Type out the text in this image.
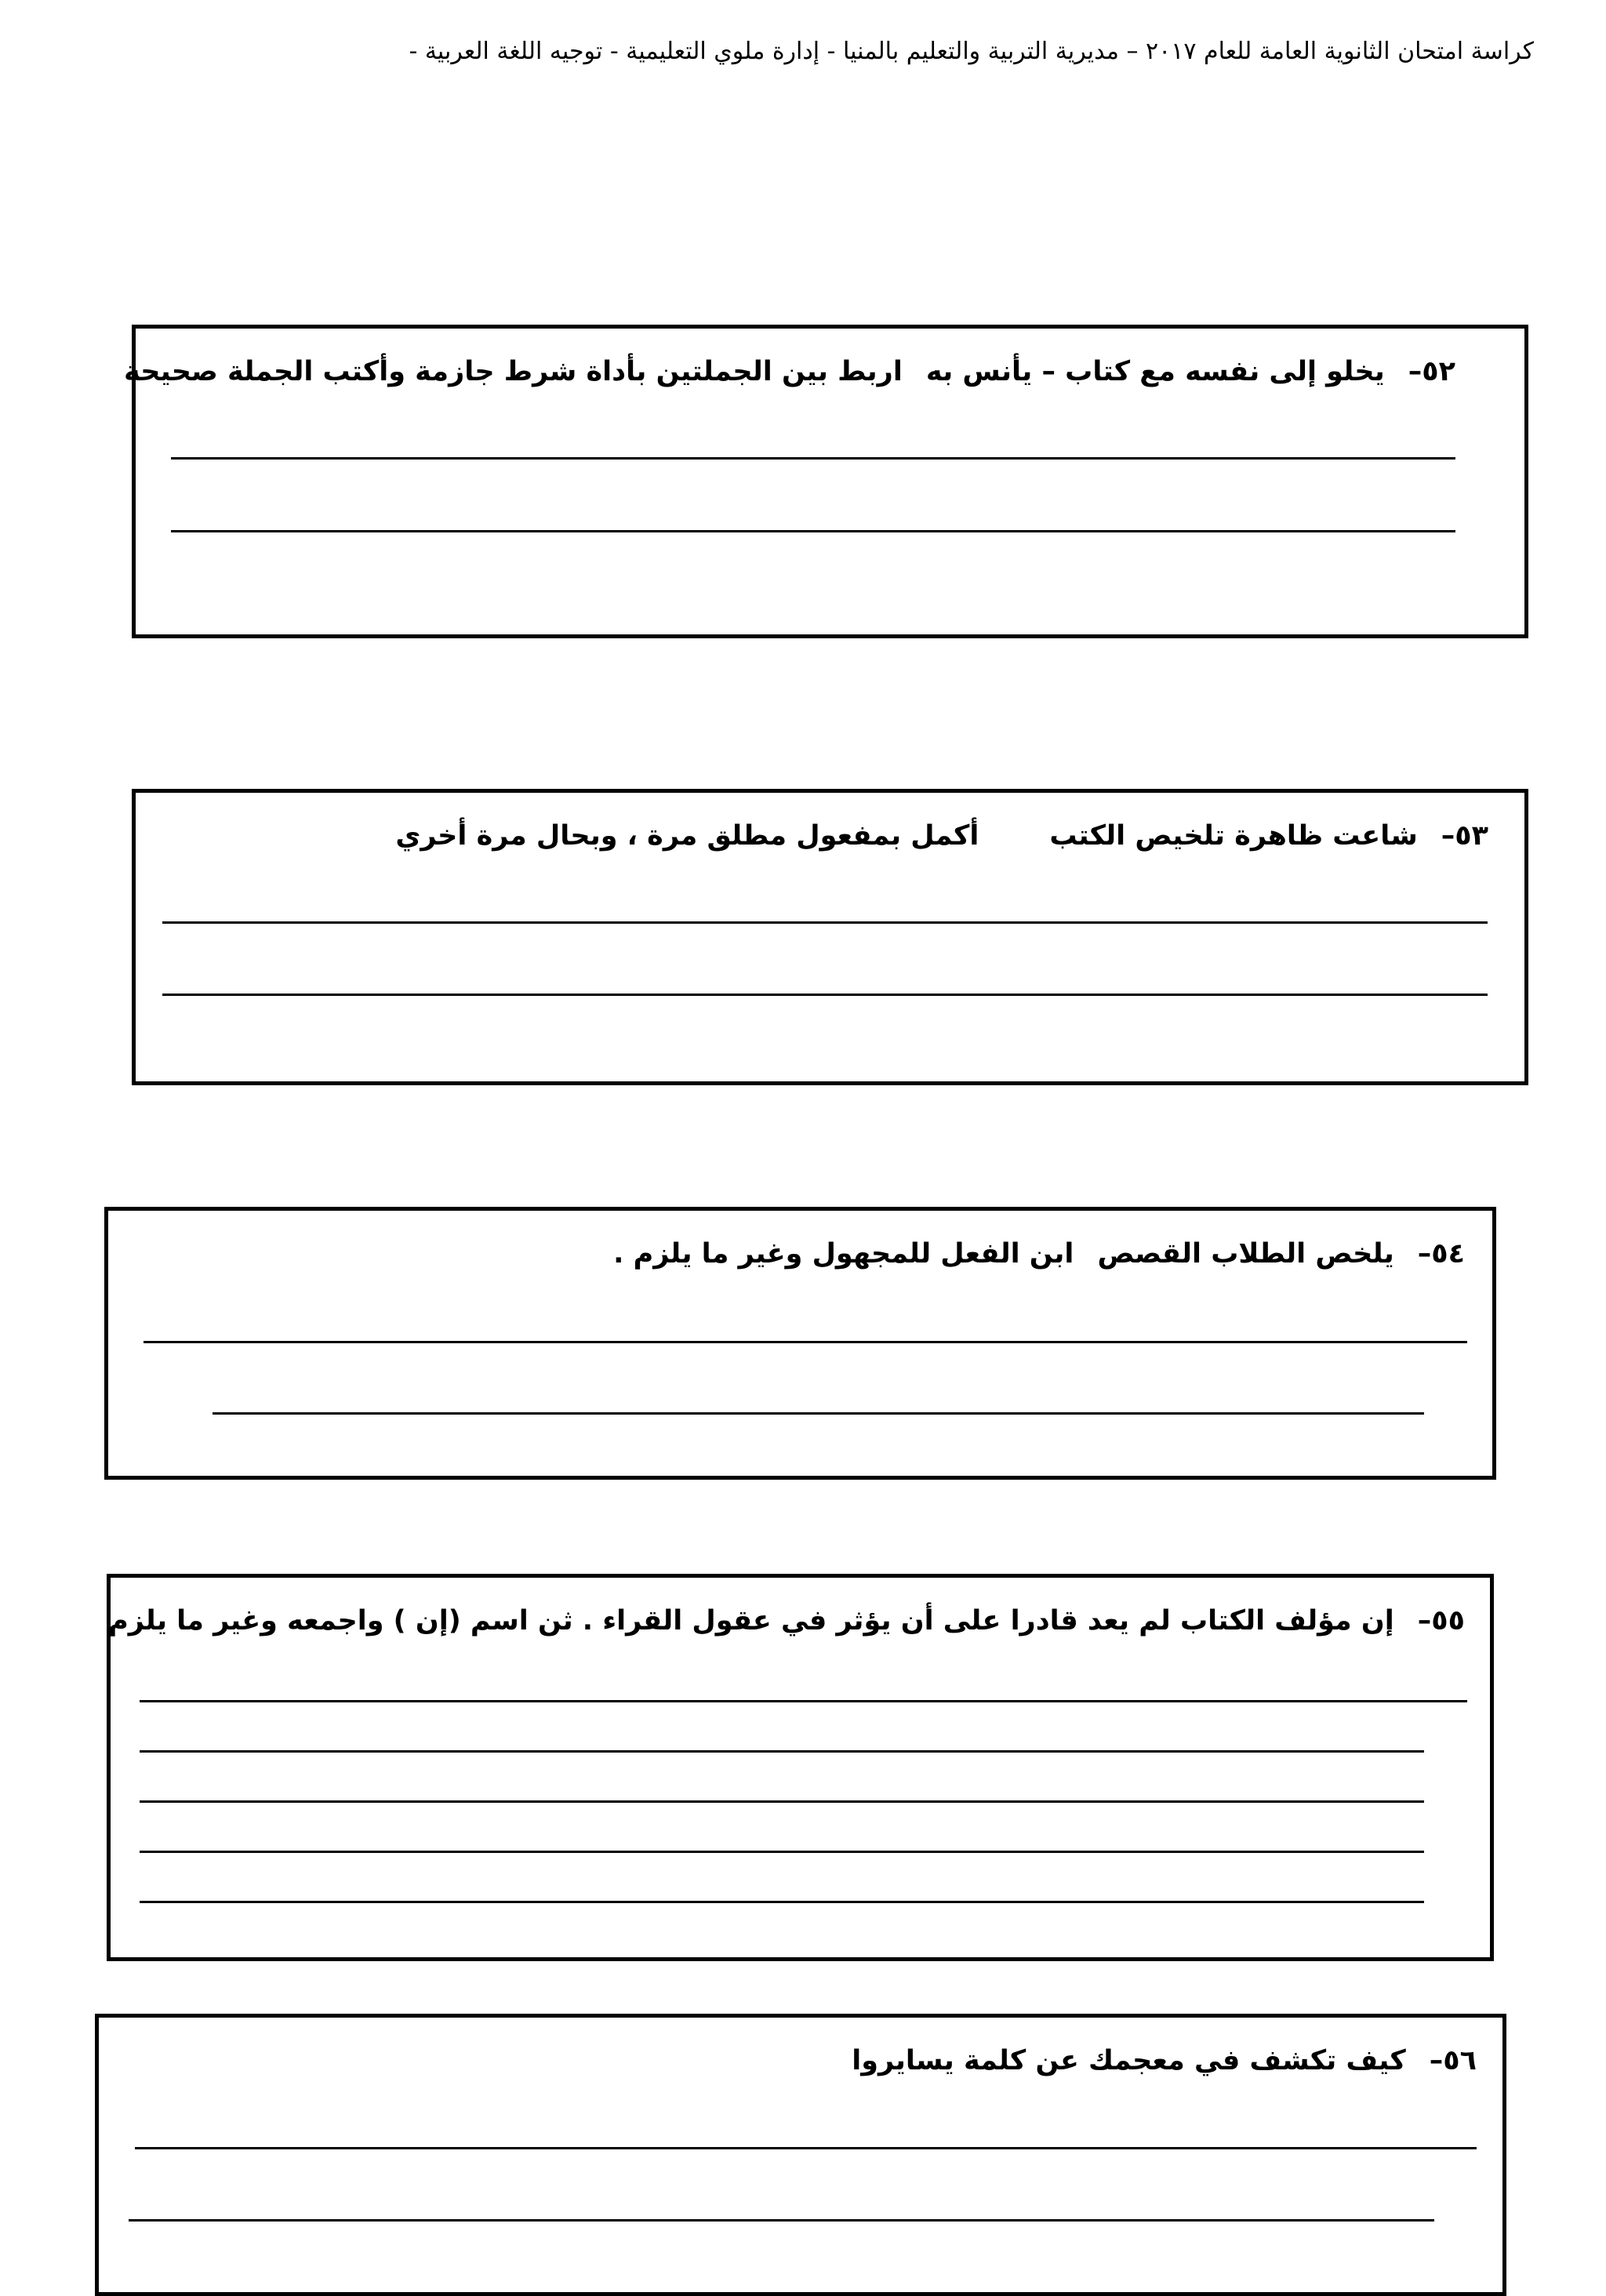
كراسة امتحان الثانوية العامة للعام ٢٠١٧ – مديرية التربية والتعليم بالمنيا - إدارة ملوي التعليمية - توجيه اللغة العربية -
٥٢–يخلو إلى نفسه مع كتاب – يأنس بهاربط بين الجملتين بأداة شرط جازمة وأكتب الجملة صحيحة
٥٣–شاعت ظاهرة تلخيص الكتبأكمل بمفعول مطلق مرة ، وبحال مرة أخري
٥٤–يلخص الطلاب القصصابن الفعل للمجهول وغير ما يلزم .
٥٥–إن مؤلف الكتاب لم يعد قادرا على أن يؤثر في عقول القراء . ثن اسم (إن ) واجمعه وغير ما يلزم
٥٦–كيف تكشف في معجمك عن كلمة يسايروا
